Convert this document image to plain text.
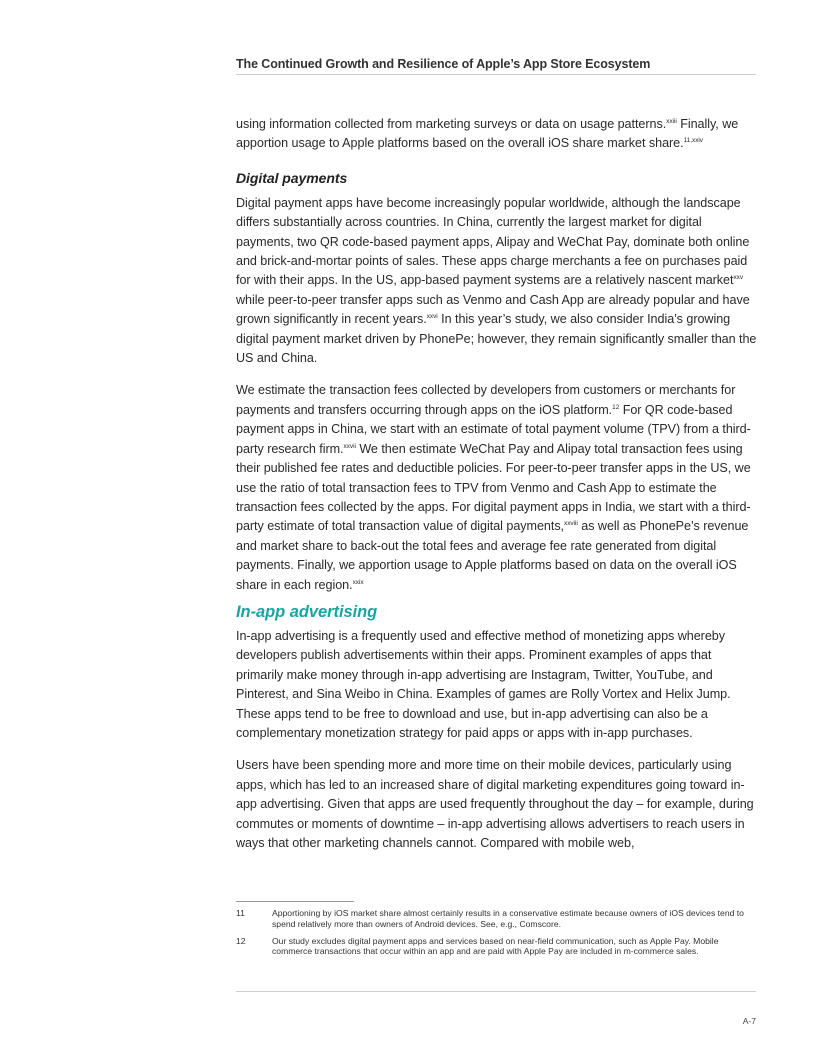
The Continued Growth and Resilience of Apple’s App Store Ecosystem

using information collected from marketing surveys or data on usage patterns.$^{xxiii}$ Finally, we apportion usage to Apple platforms based on the overall iOS share market share.$^{11,xxiv}$

Digital payments

Digital payment apps have become increasingly popular worldwide, although the landscape differs substantially across countries. In China, currently the largest market for digital payments, two QR code-based payment apps, Alipay and WeChat Pay, dominate both online and brick-and-mortar points of sales. These apps charge merchants a fee on purchases paid for with their apps. In the US, app-based payment systems are a relatively nascent market$^{xxv}$ while peer-to-peer transfer apps such as Venmo and Cash App are already popular and have grown significantly in recent years.$^{xxvi}$ In this year’s study, we also consider India’s growing digital payment market driven by PhonePe; however, they remain significantly smaller than the US and China.

We estimate the transaction fees collected by developers from customers or merchants for payments and transfers occurring through apps on the iOS platform.$^{12}$ For QR code-based payment apps in China, we start with an estimate of total payment volume (TPV) from a third-party research firm.$^{xxvii}$ We then estimate WeChat Pay and Alipay total transaction fees using their published fee rates and deductible policies. For peer-to-peer transfer apps in the US, we use the ratio of total transaction fees to TPV from Venmo and Cash App to estimate the transaction fees collected by the apps. For digital payment apps in India, we start with a third-party estimate of total transaction value of digital payments,$^{xxviii}$ as well as PhonePe’s revenue and market share to back-out the total fees and average fee rate generated from digital payments. Finally, we apportion usage to Apple platforms based on data on the overall iOS share in each region.$^{xxix}$

In-app advertising

In-app advertising is a frequently used and effective method of monetizing apps whereby developers publish advertisements within their apps. Prominent examples of apps that primarily make money through in-app advertising are Instagram, Twitter, YouTube, and Pinterest, and Sina Weibo in China. Examples of games are Rolly Vortex and Helix Jump. These apps tend to be free to download and use, but in-app advertising can also be a complementary monetization strategy for paid apps or apps with in-app purchases.

Users have been spending more and more time on their mobile devices, particularly using apps, which has led to an increased share of digital marketing expenditures going toward in-app advertising. Given that apps are used frequently throughout the day – for example, during commutes or moments of downtime – in-app advertising allows advertisers to reach users in ways that other marketing channels cannot. Compared with mobile web,

11	Apportioning by iOS market share almost certainly results in a conservative estimate because owners of iOS devices tend to spend relatively more than owners of Android devices. See, e.g., Comscore.
12	Our study excludes digital payment apps and services based on near-field communication, such as Apple Pay. Mobile commerce transactions that occur within an app and are paid with Apple Pay are included in m-commerce sales.
A-7
